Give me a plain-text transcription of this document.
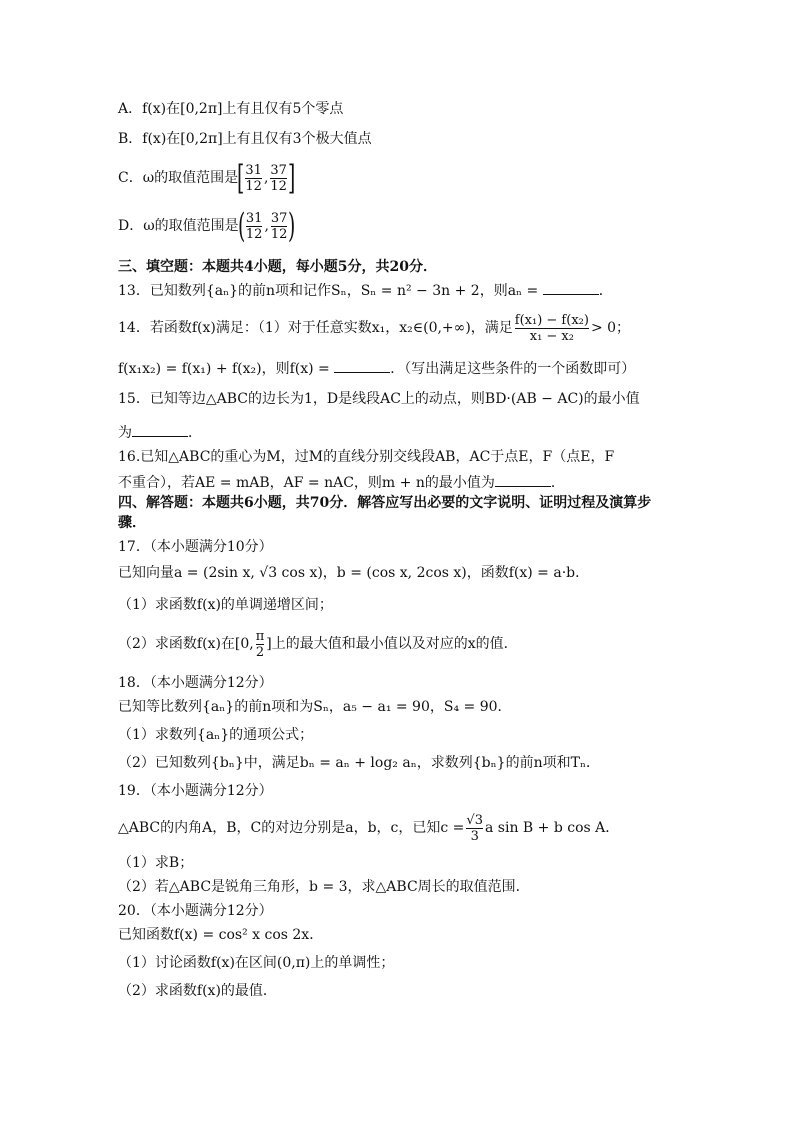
A．f(x)在[0,2π]上有且仅有5个零点
B．f(x)在[0,2π]上有且仅有3个极大值点
C．ω的取值范围是[ $\frac{31}{12}$ , $\frac{37}{12}$ ]
D．ω的取值范围是( $\frac{31}{12}$ , $\frac{37}{12}$ )
三、填空题：本题共4小题，每小题5分，共20分．
13．已知数列{aₙ}的前n项和记作Sₙ，Sₙ = n² − 3n + 2，则aₙ =	．
14．若函数f(x)满足：（1）对于任意实数x₁，x₂∈(0,+∞)，满足 $\frac{\text{f(x₁) − f(x₂)}}{\text{x₁ − x₂}} > 0$；
f(x₁x₂) = f(x₁) + f(x₂)，则f(x) =	．（写出满足这些条件的一个函数即可）
15．已知等边△ABC的边长为1，D是线段AC上的动点，则BD·(AB − AC)的最小值
为	．
16.已知△ABC的重心为M，过M的直线分别交线段AB，AC于点E，F（点E，F
不重合），若AE = mAB，AF = nAC，则m + n的最小值为	．
四、解答题：本题共6小题，共70分．解答应写出必要的文字说明、证明过程及演算步
骤．
17．（本小题满分10分）
已知向量a = (2sin x, √3 cos x)，b = (cos x, 2cos x)，函数f(x) = a·b．
（1）求函数f(x)的单调递增区间；
（2）求函数f(x)在[0, $\frac{\pi}{2}$ ]上的最大值和最小值以及对应的x的值．
18．（本小题满分12分）
已知等比数列{aₙ}的前n项和为Sₙ，a₅ − a₁ = 90，S₄ = 90．
（1）求数列{aₙ}的通项公式；
（2）已知数列{bₙ}中，满足bₙ = aₙ + log₂ aₙ，求数列{bₙ}的前n项和Tₙ．
19．（本小题满分12分）
△ABC的内角A，B，C的对边分别是a，b，c，已知$c = \frac{√3}{3}$ a sin B + b cos A．
（1）求B；
（2）若△ABC是锐角三角形，b = 3，求△ABC周长的取值范围．
20．（本小题满分12分）
已知函数f(x) = cos² x cos 2x．
（1）讨论函数f(x)在区间(0,π)上的单调性；
（2）求函数f(x)的最值．
